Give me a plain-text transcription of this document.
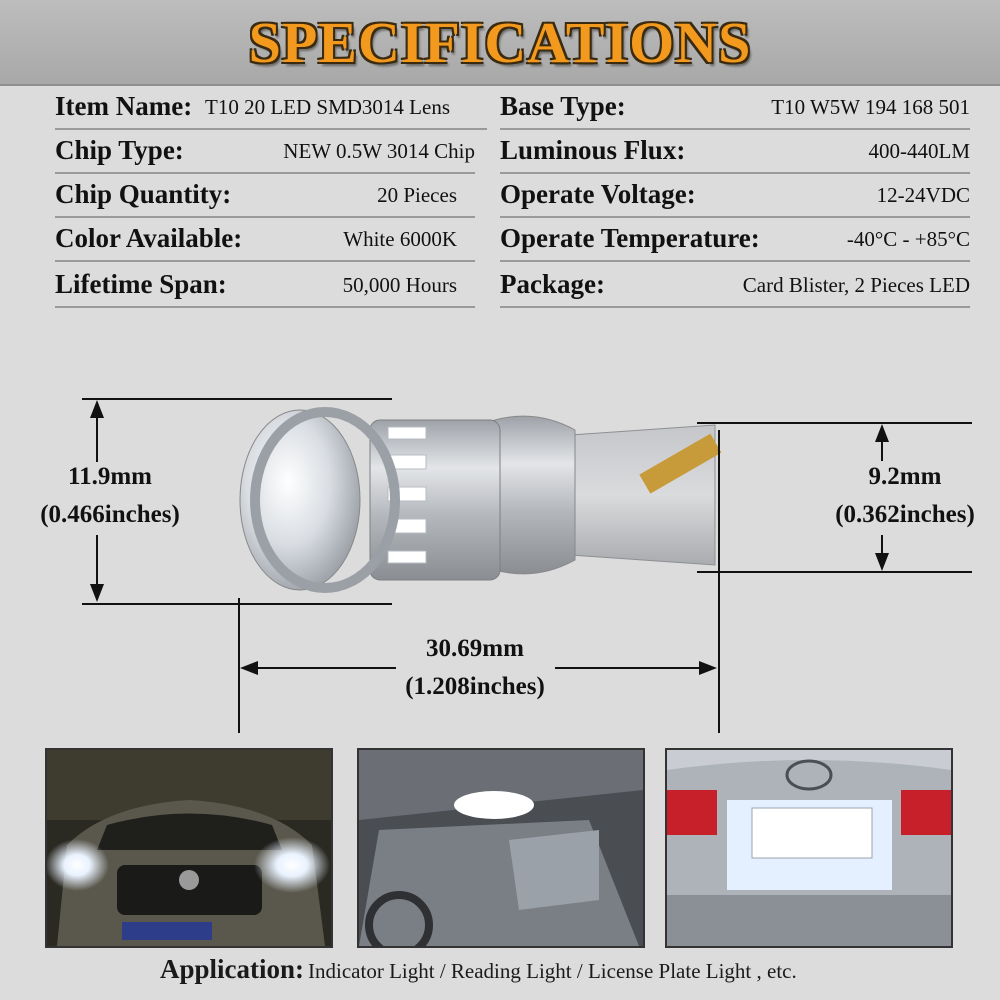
SPECIFICATIONS
Item Name: T10 20 LED SMD3014 Lens
Chip Type:	NEW 0.5W 3014 Chip
Chip Quantity:	20 Pieces
Color Available:	White 6000K
Lifetime Span:	50,000 Hours
Base Type:	T10 W5W 194 168 501
Luminous Flux:	400-440LM
Operate Voltage:	12-24VDC
Operate Temperature:	-40°C - +85°C
Package:	Card Blister, 2 Pieces LED
11.9mm
(0.466inches)
9.2mm
(0.362inches)
30.69mm
(1.208inches)
Application: Indicator Light / Reading Light / License Plate Light , etc.
